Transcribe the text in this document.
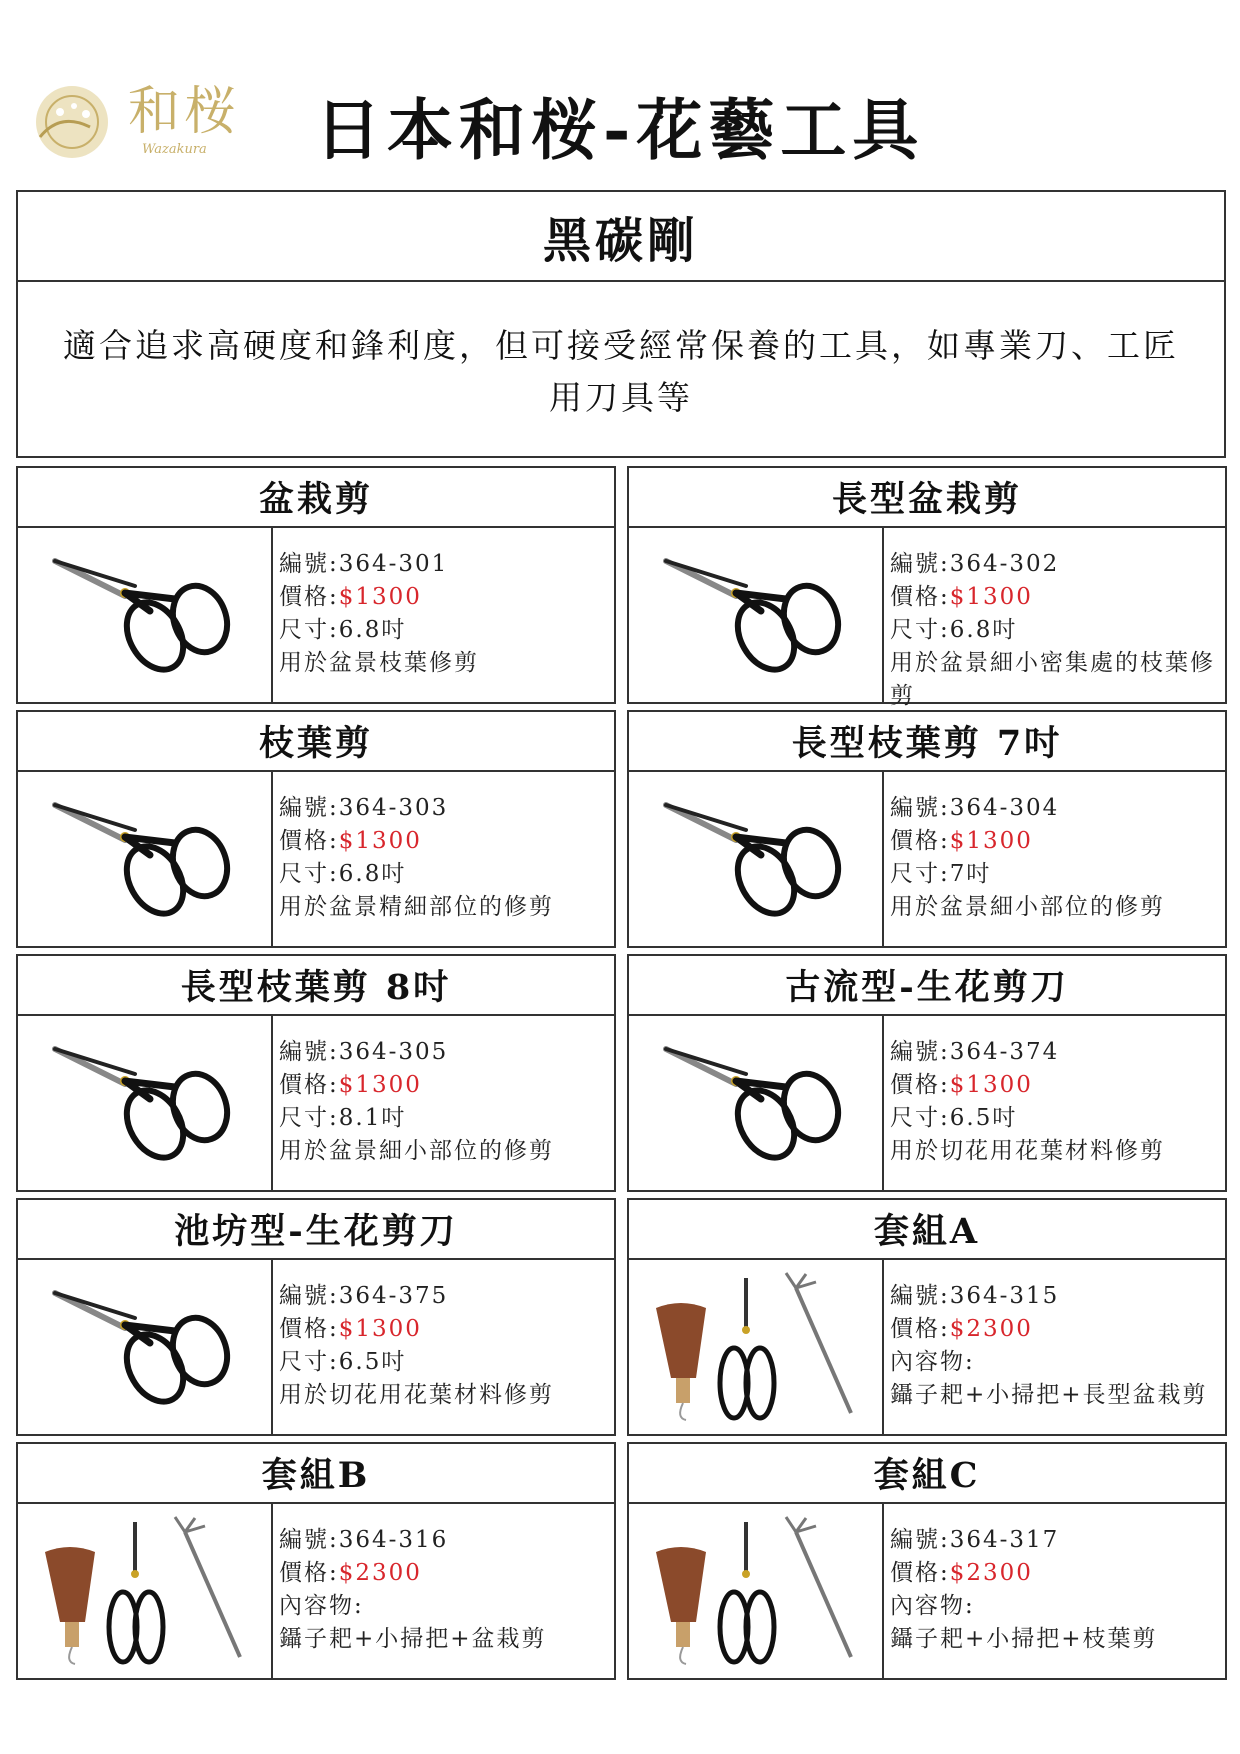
和桜
Wazakura 日本和桜-花藝工具
黑碳剛
適合追求高硬度和鋒利度，但可接受經常保養的工具，如專業刀、工匠用刀具等
盆栽剪
編號:364-301
價格:$1300
尺寸:6.8吋
用於盆景枝葉修剪
長型盆栽剪
編號:364-302
價格:$1300
尺寸:6.8吋
用於盆景細小密集處的枝葉修剪
枝葉剪
編號:364-303
價格:$1300
尺寸:6.8吋
用於盆景精細部位的修剪
長型枝葉剪 7吋
編號:364-304
價格:$1300
尺寸:7吋
用於盆景細小部位的修剪
長型枝葉剪 8吋
編號:364-305
價格:$1300
尺寸:8.1吋
用於盆景細小部位的修剪
古流型-生花剪刀
編號:364-374
價格:$1300
尺寸:6.5吋
用於切花用花葉材料修剪
池坊型-生花剪刀
編號:364-375
價格:$1300
尺寸:6.5吋
用於切花用花葉材料修剪
套組A
編號:364-315
價格:$2300
內容物:
鑷子耙+小掃把+長型盆栽剪
套組B
編號:364-316
價格:$2300
內容物:
鑷子耙+小掃把+盆栽剪
套組C
編號:364-317
價格:$2300
內容物:
鑷子耙+小掃把+枝葉剪
